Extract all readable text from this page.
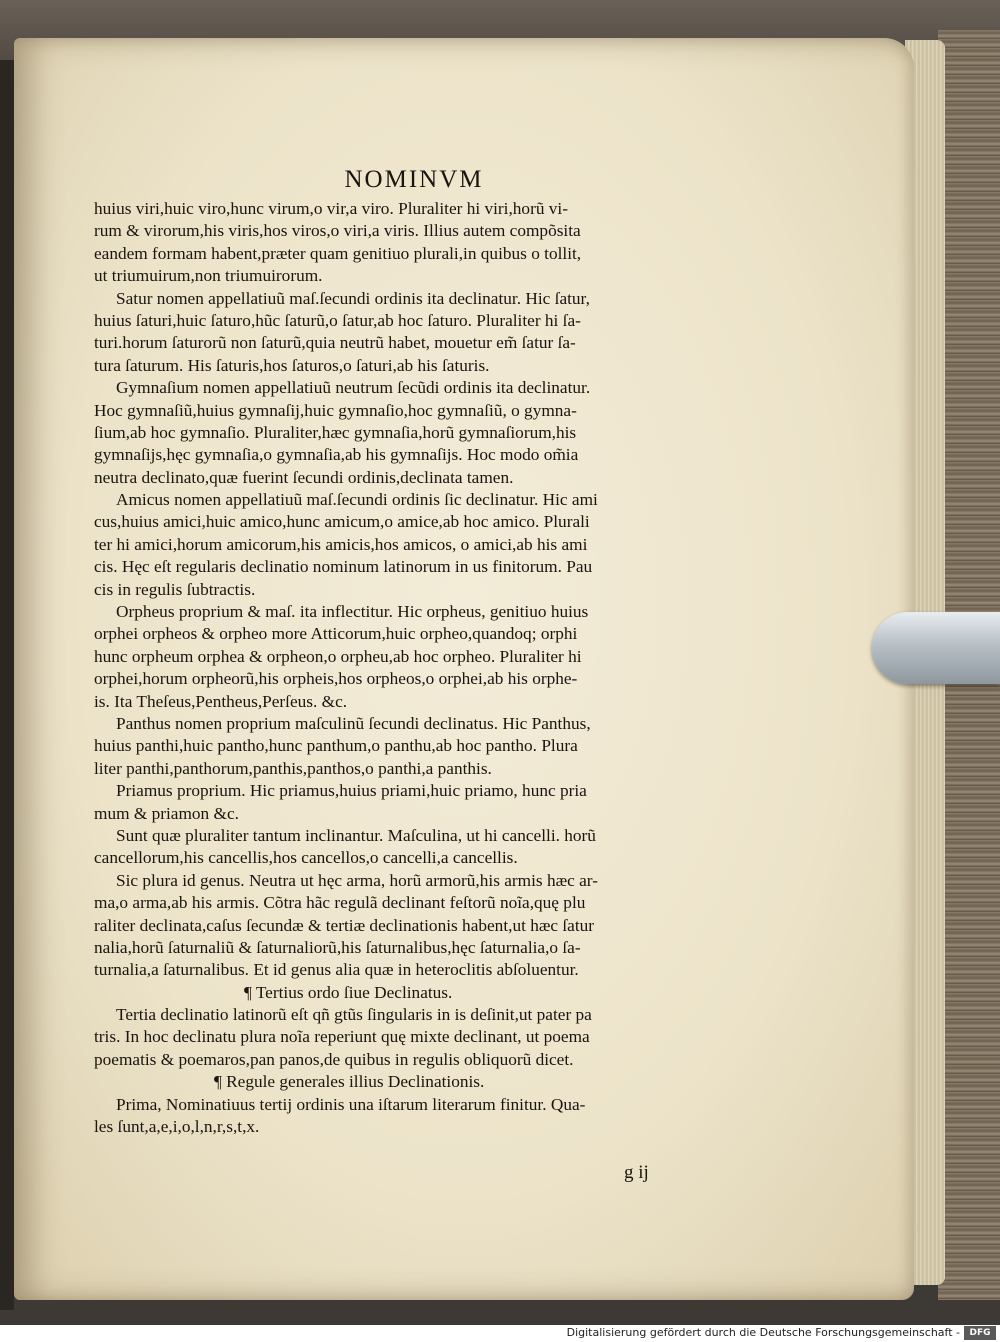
NOMINVM
huius viri,huic viro,hunc virum,o vir,a viro. Pluraliter hi viri,horũ vi-
rum & virorum,his viris,hos viros,o viri,a viris. Illius autem compõsita
eandem formam habent,præter quam genitiuo plurali,in quibus o tollit,
ut triumuirum,non triumuirorum.
Satur nomen appellatiuũ maſ.ſecundi ordinis ita declinatur. Hic ſatur,
huius ſaturi,huic ſaturo,hũc ſaturũ,o ſatur,ab hoc ſaturo. Pluraliter hi ſa-
turi.horum ſaturorũ non ſaturũ,quia neutrũ habet, mouetur em̃ ſatur ſa-
tura ſaturum. His ſaturis,hos ſaturos,o ſaturi,ab his ſaturis.
Gymnaſium nomen appellatiuũ neutrum ſecũdi ordinis ita declinatur.
Hoc gymnaſiũ,huius gymnaſij,huic gymnaſio,hoc gymnaſiũ, o gymna-
ſium,ab hoc gymnaſio. Pluraliter,hæc gymnaſia,horũ gymnaſiorum,his
gymnaſijs,hęc gymnaſia,o gymnaſia,ab his gymnaſijs. Hoc modo om̃ia
neutra declinato,quæ fuerint ſecundi ordinis,declinata tamen.
Amicus nomen appellatiuũ maſ.ſecundi ordinis ſic declinatur. Hic ami
cus,huius amici,huic amico,hunc amicum,o amice,ab hoc amico. Plurali
ter hi amici,horum amicorum,his amicis,hos amicos, o amici,ab his ami
cis. Hęc eſt regularis declinatio nominum latinorum in us finitorum. Pau
cis in regulis ſubtractis.
Orpheus proprium & maſ. ita inflectitur. Hic orpheus, genitiuo huius
orphei orpheos & orpheo more Atticorum,huic orpheo,quandoq; orphi
hunc orpheum orphea & orpheon,o orpheu,ab hoc orpheo. Pluraliter hi
orphei,horum orpheorũ,his orpheis,hos orpheos,o orphei,ab his orphe-
is. Ita Theſeus,Pentheus,Perſeus. &c.
Panthus nomen proprium maſculinũ ſecundi declinatus. Hic Panthus,
huius panthi,huic pantho,hunc panthum,o panthu,ab hoc pantho. Plura
liter panthi,panthorum,panthis,panthos,o panthi,a panthis.
Priamus proprium. Hic priamus,huius priami,huic priamo, hunc pria
mum & priamon &c.
Sunt quæ pluraliter tantum inclinantur. Maſculina, ut hi cancelli. horũ
cancellorum,his cancellis,hos cancellos,o cancelli,a cancellis.
Sic plura id genus. Neutra ut hęc arma, horũ armorũ,his armis hæc ar-
ma,o arma,ab his armis. Cõtra hãc regulã declinant feſtorũ noĩa,quę plu
raliter declinata,caſus ſecundæ & tertiæ declinationis habent,ut hæc ſatur
nalia,horũ ſaturnaliũ & ſaturnaliorũ,his ſaturnalibus,hęc ſaturnalia,o ſa-
turnalia,a ſaturnalibus. Et id genus alia quæ in heteroclitis abſoluentur.
¶ Tertius ordo ſiue Declinatus.
Tertia declinatio latinorũ eſt qñ gtũs ſingularis in is deſinit,ut pater pa
tris. In hoc declinatu plura noĩa reperiunt quę mixte declinant, ut poema
poematis & poemaros,pan panos,de quibus in regulis obliquorũ dicet.
¶ Regule generales illius Declinationis.
Prima, Nominatiuus tertij ordinis una iſtarum literarum finitur. Qua-
les ſunt,a,e,i,o,l,n,r,s,t,x.
g ij
Digitalisierung gefördert durch die Deutsche Forschungsgemeinschaft -	DFG
